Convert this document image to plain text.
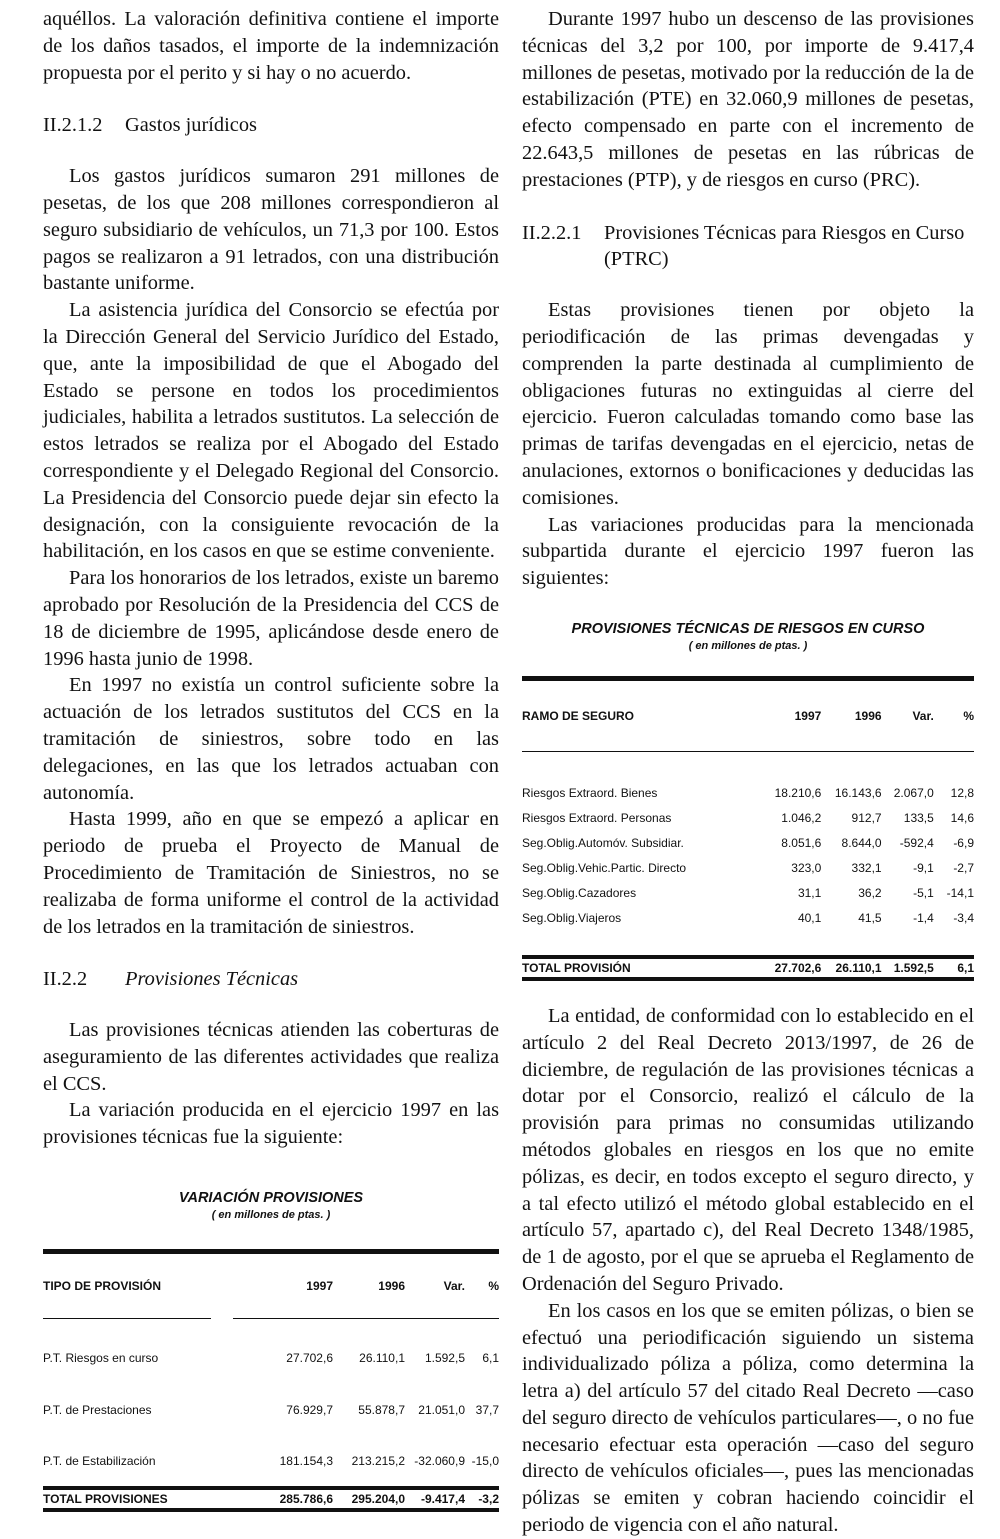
aquéllos. La valoración definitiva contiene el importe de los daños tasados, el importe de la indemnización propuesta por el perito y si hay o no acuerdo.

II.2.1.2	Gastos jurídicos

Los gastos jurídicos sumaron 291 millones de pesetas, de los que 208 millones correspondieron al seguro subsidiario de vehículos, un 71,3 por 100. Estos pagos se realizaron a 91 letrados, con una distribución bastante uniforme.

La asistencia jurídica del Consorcio se efectúa por la Dirección General del Servicio Jurídico del Estado, que, ante la imposibilidad de que el Abogado del Estado se persone en todos los procedimientos judiciales, habilita a letrados sustitutos. La selección de estos letrados se realiza por el Abogado del Estado correspondiente y el Delegado Regional del Consorcio. La Presidencia del Consorcio puede dejar sin efecto la designación, con la consiguiente revocación de la habilitación, en los casos en que se estime conveniente.

Para los honorarios de los letrados, existe un baremo aprobado por Resolución de la Presidencia del CCS de 18 de diciembre de 1995, aplicándose desde enero de 1996 hasta junio de 1998.

En 1997 no existía un control suficiente sobre la actuación de los letrados sustitutos del CCS en la tramitación de siniestros, sobre todo en las delegaciones, en las que los letrados actuaban con autonomía.

Hasta 1999, año en que se empezó a aplicar en periodo de prueba el Proyecto de Manual de Procedimiento de Tramitación de Siniestros, no se realizaba de forma uniforme el control de la actividad de los letrados en la tramitación de siniestros.

II.2.2	Provisiones Técnicas

Las provisiones técnicas atienden las coberturas de aseguramiento de las diferentes actividades que realiza el CCS.

La variación producida en el ejercicio 1997 en las provisiones técnicas fue la siguiente:

VARIACIÓN PROVISIONES
( en millones de ptas. )
TIPO DE PROVISIÓN	1997	1996	Var.	%

P.T. Riesgos en curso	27.702,6	26.110,1	1.592,5	6,1
P.T. de Prestaciones	76.929,7	55.878,7	21.051,0	37,7
P.T. de Estabilización	181.154,3	213.215,2	-32.060,9	-15,0
TOTAL PROVISIONES	285.786,6	295.204,0	-9.417,4	-3,2

Durante 1997 hubo un descenso de las provisiones técnicas del 3,2 por 100, por importe de 9.417,4 millones de pesetas, motivado por la reducción de la de estabilización (PTE) en 32.060,9 millones de pesetas, efecto compensado en parte con el incremento de 22.643,5 millones de pesetas en las rúbricas de prestaciones (PTP), y de riesgos en curso (PRC).

II.2.2.1	Provisiones Técnicas para Riesgos en Curso (PTRC)

Estas provisiones tienen por objeto la periodificación de las primas devengadas y comprenden la parte destinada al cumplimiento de obligaciones futuras no extinguidas al cierre del ejercicio. Fueron calculadas tomando como base las primas de tarifas devengadas en el ejercicio, netas de anulaciones, extornos o bonificaciones y deducidas las comisiones.

Las variaciones producidas para la mencionada subpartida durante el ejercicio 1997 fueron las siguientes:

PROVISIONES TÉCNICAS DE RIESGOS EN CURSO
( en millones de ptas. )
RAMO DE SEGURO	1997	1996	Var.	%

Riesgos Extraord. Bienes	18.210,6	16.143,6	2.067,0	12,8
Riesgos Extraord. Personas	1.046,2	912,7	133,5	14,6
Seg.Oblig.Automóv. Subsidiar.	8.051,6	8.644,0	-592,4	-6,9
Seg.Oblig.Vehic.Partic. Directo	323,0	332,1	-9,1	-2,7
Seg.Oblig.Cazadores	31,1	36,2	-5,1	-14,1
Seg.Oblig.Viajeros	40,1	41,5	-1,4	-3,4

TOTAL PROVISIÓN	27.702,6	26.110,1	1.592,5	6,1

La entidad, de conformidad con lo establecido en el artículo 2 del Real Decreto 2013/1997, de 26 de diciembre, de regulación de las provisiones técnicas a dotar por el Consorcio, realizó el cálculo de la provisión para primas no consumidas utilizando métodos globales en riesgos en los que no emite pólizas, es decir, en todos excepto el seguro directo, y a tal efecto utilizó el método global establecido en el artículo 57, apartado c), del Real Decreto 1348/1985, de 1 de agosto, por el que se aprueba el Reglamento de Ordenación del Seguro Privado.

En los casos en los que se emiten pólizas, o bien se efectuó una periodificación siguiendo un sistema individualizado póliza a póliza, como determina la letra a) del artículo 57 del citado Real Decreto —caso del seguro directo de vehículos particulares—, o no fue necesario efectuar esta operación —caso del seguro directo de vehículos oficiales—, pues las mencionadas pólizas se emiten y cobran haciendo coincidir el periodo de vigencia con el año natural.
